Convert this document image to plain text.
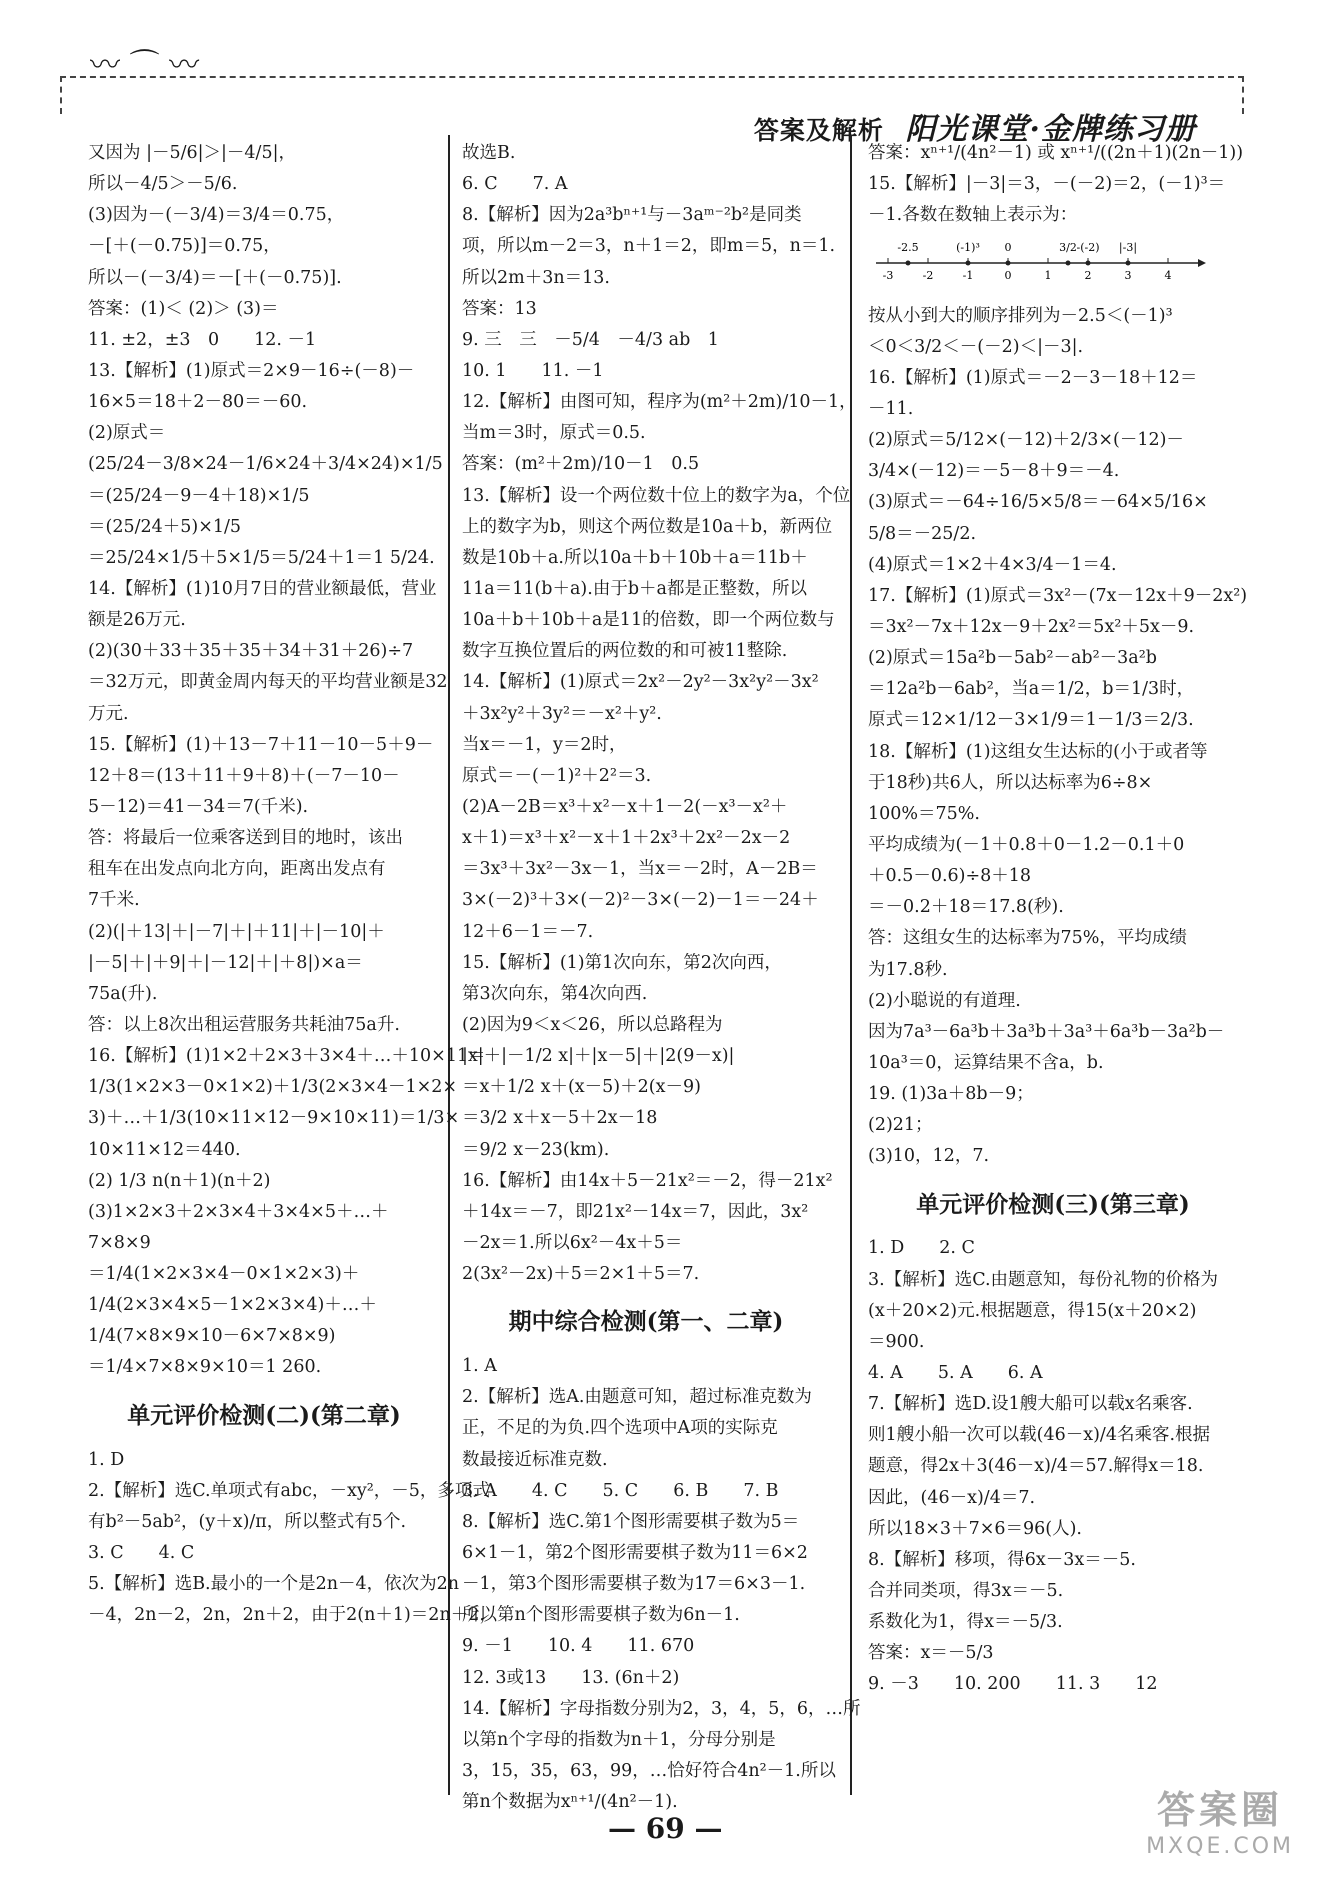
〰 ⌒ 〰
答案及解析 阳光课堂·金牌练习册

又因为 |－5/6|＞|－4/5|，

所以－4/5＞－5/6.

(3)因为－(－3/4)＝3/4＝0.75，

－[＋(－0.75)]＝0.75，

所以－(－3/4)＝－[＋(－0.75)].

答案：(1)＜ (2)＞ (3)＝

11. ±2，±3　0　　12. －1

13.【解析】(1)原式＝2×9－16÷(－8)－

16×5＝18＋2－80＝－60.

(2)原式＝

(25/24－3/8×24－1/6×24＋3/4×24)×1/5

＝(25/24－9－4＋18)×1/5

＝(25/24＋5)×1/5

＝25/24×1/5＋5×1/5＝5/24＋1＝1 5/24.

14.【解析】(1)10月7日的营业额最低，营业

额是26万元.

(2)(30＋33＋35＋35＋34＋31＋26)÷7

＝32万元，即黄金周内每天的平均营业额是32

万元.

15.【解析】(1)＋13－7＋11－10－5＋9－

12＋8＝(13＋11＋9＋8)＋(－7－10－

5－12)＝41－34＝7(千米).

答：将最后一位乘客送到目的地时，该出

租车在出发点向北方向，距离出发点有

7千米.

(2)(|＋13|＋|－7|＋|＋11|＋|－10|＋

|－5|＋|＋9|＋|－12|＋|＋8|)×a＝

75a(升).

答：以上8次出租运营服务共耗油75a升.

16.【解析】(1)1×2＋2×3＋3×4＋…＋10×11＝

1/3(1×2×3－0×1×2)＋1/3(2×3×4－1×2×

3)＋…＋1/3(10×11×12－9×10×11)＝1/3×

10×11×12＝440.

(2) 1/3 n(n＋1)(n＋2)

(3)1×2×3＋2×3×4＋3×4×5＋…＋

7×8×9

＝1/4(1×2×3×4－0×1×2×3)＋

1/4(2×3×4×5－1×2×3×4)＋…＋

1/4(7×8×9×10－6×7×8×9)

＝1/4×7×8×9×10＝1 260.

单元评价检测(二)(第二章)

1. D

2.【解析】选C.单项式有abc，－xy²，－5，多项式

有b²－5ab²，(y＋x)/π，所以整式有5个.

3. C　　4. C

5.【解析】选B.最小的一个是2n－4，依次为2n

－4，2n－2，2n，2n＋2，由于2(n＋1)＝2n＋2，

故选B.

6. C　　7. A

8.【解析】因为2a³bⁿ⁺¹与－3aᵐ⁻²b²是同类

项，所以m－2＝3，n＋1＝2，即m＝5，n＝1.

所以2m＋3n＝13.

答案：13

9. 三　三　－5/4　－4/3 ab　1

10. 1　　11. －1

12.【解析】由图可知，程序为(m²＋2m)/10－1，

当m＝3时，原式＝0.5.

答案：(m²＋2m)/10－1　0.5

13.【解析】设一个两位数十位上的数字为a，个位

上的数字为b，则这个两位数是10a＋b，新两位

数是10b＋a.所以10a＋b＋10b＋a＝11b＋

11a＝11(b＋a).由于b＋a都是正整数，所以

10a＋b＋10b＋a是11的倍数，即一个两位数与

数字互换位置后的两位数的和可被11整除.

14.【解析】(1)原式＝2x²－2y²－3x²y²－3x²

＋3x²y²＋3y²＝－x²＋y².

当x＝－1，y＝2时，

原式＝－(－1)²＋2²＝3.

(2)A－2B＝x³＋x²－x＋1－2(－x³－x²＋

x＋1)＝x³＋x²－x＋1＋2x³＋2x²－2x－2

＝3x³＋3x²－3x－1，当x＝－2时，A－2B＝

3×(－2)³＋3×(－2)²－3×(－2)－1＝－24＋

12＋6－1＝－7.

15.【解析】(1)第1次向东，第2次向西，

第3次向东，第4次向西.

(2)因为9＜x＜26，所以总路程为

|x|＋|－1/2 x|＋|x－5|＋|2(9－x)|

＝x＋1/2 x＋(x－5)＋2(x－9)

＝3/2 x＋x－5＋2x－18

＝9/2 x－23(km).

16.【解析】由14x＋5－21x²＝－2，得－21x²

＋14x＝－7，即21x²－14x＝7，因此，3x²

－2x＝1.所以6x²－4x＋5＝

2(3x²－2x)＋5＝2×1＋5＝7.

期中综合检测(第一、二章)

1. A

2.【解析】选A.由题意可知，超过标准克数为

正，不足的为负.四个选项中A项的实际克

数最接近标准克数.

3. A　　4. C　　5. C　　6. B　　7. B

8.【解析】选C.第1个图形需要棋子数为5＝

6×1－1，第2个图形需要棋子数为11＝6×2

－1，第3个图形需要棋子数为17＝6×3－1.

所以第n个图形需要棋子数为6n－1.

9. －1　　10. 4　　11. 670

12. 3或13　　13. (6n＋2)

14.【解析】字母指数分别为2，3，4，5，6，…所

以第n个字母的指数为n＋1，分母分别是

3，15，35，63，99，…恰好符合4n²－1.所以

第n个数据为xⁿ⁺¹/(4n²－1).

答案：xⁿ⁺¹/(4n²－1) 或 xⁿ⁺¹/((2n＋1)(2n－1))

15.【解析】|－3|＝3，－(－2)＝2，(－1)³＝

－1.各数在数轴上表示为：

-3	-2	-1	0	1	2	3	4
-2.5	(-1)³ 0	3/2 -(-2) |-3|

按从小到大的顺序排列为－2.5＜(－1)³

＜0＜3/2＜－(－2)＜|－3|.

16.【解析】(1)原式＝－2－3－18＋12＝

－11.

(2)原式＝5/12×(－12)＋2/3×(－12)－

3/4×(－12)＝－5－8＋9＝－4.

(3)原式＝－64÷16/5×5/8＝－64×5/16×

5/8＝－25/2.

(4)原式＝1×2＋4×3/4－1＝4.

17.【解析】(1)原式＝3x²－(7x－12x＋9－2x²)

＝3x²－7x＋12x－9＋2x²＝5x²＋5x－9.

(2)原式＝15a²b－5ab²－ab²－3a²b

＝12a²b－6ab²，当a＝1/2，b＝1/3时，

原式＝12×1/12－3×1/9＝1－1/3＝2/3.

18.【解析】(1)这组女生达标的(小于或者等

于18秒)共6人，所以达标率为6÷8×

100%＝75%.

平均成绩为(－1＋0.8＋0－1.2－0.1＋0

＋0.5－0.6)÷8＋18

＝－0.2＋18＝17.8(秒).

答：这组女生的达标率为75%，平均成绩

为17.8秒.

(2)小聪说的有道理.

因为7a³－6a³b＋3a³b＋3a³＋6a³b－3a²b－

10a³＝0，运算结果不含a，b.

19. (1)3a＋8b－9；

(2)21；

(3)10，12，7.

单元评价检测(三)(第三章)

1. D　　2. C

3.【解析】选C.由题意知，每份礼物的价格为

(x＋20×2)元.根据题意，得15(x＋20×2)

＝900.

4. A　　5. A　　6. A

7.【解析】选D.设1艘大船可以载x名乘客.

则1艘小船一次可以载(46－x)/4名乘客.根据

题意，得2x＋3(46－x)/4＝57.解得x＝18.

因此，(46－x)/4＝7.

所以18×3＋7×6＝96(人).

8.【解析】移项，得6x－3x＝－5.

合并同类项，得3x＝－5.

系数化为1，得x＝－5/3.

答案：x＝－5/3

9. －3　　10. 200　　11. 3　　12

— 69 —	答案圈
MXQE.COM
